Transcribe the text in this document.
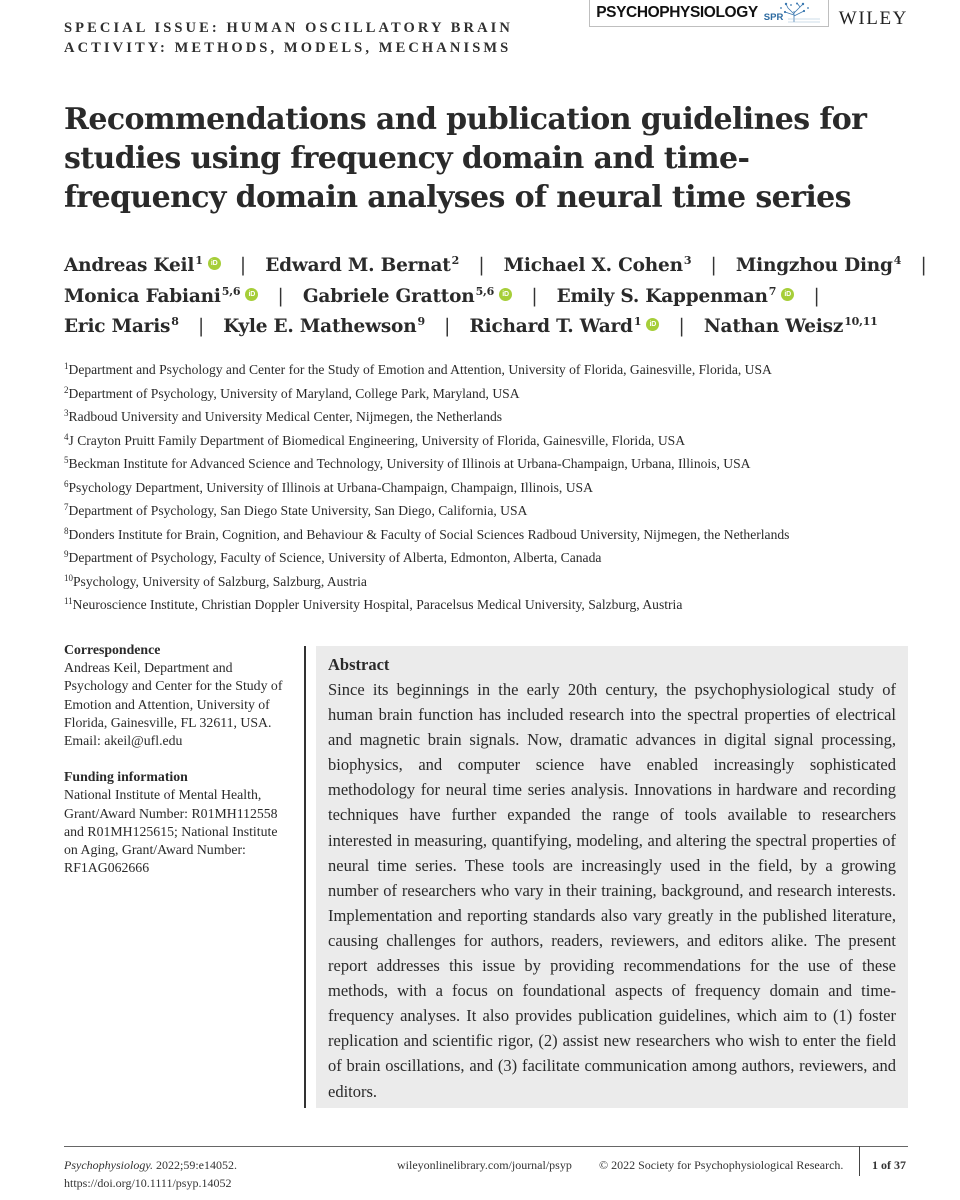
SPECIAL ISSUE: HUMAN OSCILLATORY BRAIN
ACTIVITY: METHODS, MODELS, MECHANISMS
PSYCHOPHYSIOLOGY SPR	WILEY
Recommendations and publication guidelines for studies using frequency domain and time-frequency domain analyses of neural time series
Andreas Keil$^1$ iD | Edward M. Bernat$^2$ | Michael X. Cohen$^3$ | Mingzhou Ding$^4$ | Monica Fabiani$^{5,6}$ iD | Gabriele Gratton$^{5,6}$ iD | Emily S. Kappenman$^7$ iD | Eric Maris$^8$ | Kyle E. Mathewson$^9$ | Richard T. Ward$^1$ iD | Nathan Weisz$^{10,11}$
$^1$Department and Psychology and Center for the Study of Emotion and Attention, University of Florida, Gainesville, Florida, USA
$^2$Department of Psychology, University of Maryland, College Park, Maryland, USA
$^3$Radboud University and University Medical Center, Nijmegen, the Netherlands
$^4$J Crayton Pruitt Family Department of Biomedical Engineering, University of Florida, Gainesville, Florida, USA
$^5$Beckman Institute for Advanced Science and Technology, University of Illinois at Urbana-Champaign, Urbana, Illinois, USA
$^6$Psychology Department, University of Illinois at Urbana-Champaign, Champaign, Illinois, USA
$^7$Department of Psychology, San Diego State University, San Diego, California, USA
$^8$Donders Institute for Brain, Cognition, and Behaviour & Faculty of Social Sciences Radboud University, Nijmegen, the Netherlands
$^9$Department of Psychology, Faculty of Science, University of Alberta, Edmonton, Alberta, Canada
$^{10}$Psychology, University of Salzburg, Salzburg, Austria
$^{11}$Neuroscience Institute, Christian Doppler University Hospital, Paracelsus Medical University, Salzburg, Austria
Correspondence

Andreas Keil, Department and

Psychology and Center for the Study of

Emotion and Attention, University of

Florida, Gainesville, FL 32611, USA.

Email: akeil@ufl.edu

Funding information

National Institute of Mental Health,

Grant/Award Number: R01MH112558

and R01MH125615; National Institute

on Aging, Grant/Award Number:

RF1AG062666

Abstract

Since its beginnings in the early 20th century, the psychophysiological study of human brain function has included research into the spectral properties of electrical and magnetic brain signals. Now, dramatic advances in digital signal processing, biophysics, and computer science have enabled increasingly sophisticated methodology for neural time series analysis. Innovations in hardware and recording techniques have further expanded the range of tools available to researchers interested in measuring, quantifying, modeling, and altering the spectral properties of neural time series. These tools are increasingly used in the field, by a growing number of researchers who vary in their training, background, and research interests. Implementation and reporting standards also vary greatly in the published literature, causing challenges for authors, readers, reviewers, and editors alike. The present report addresses this issue by providing recommendations for the use of these methods, with a focus on foundational aspects of frequency domain and time-frequency analyses. It also provides publication guidelines, which aim to (1) foster replication and scientific rigor, (2) assist new researchers who wish to enter the field of brain oscillations, and (3) facilitate communication among authors, reviewers, and editors.

Psychophysiology. 2022;59:e14052.
https://doi.org/10.1111/psyp.14052
wileyonlinelibrary.com/journal/psyp © 2022 Society for Psychophysiological Research. 1 of 37
